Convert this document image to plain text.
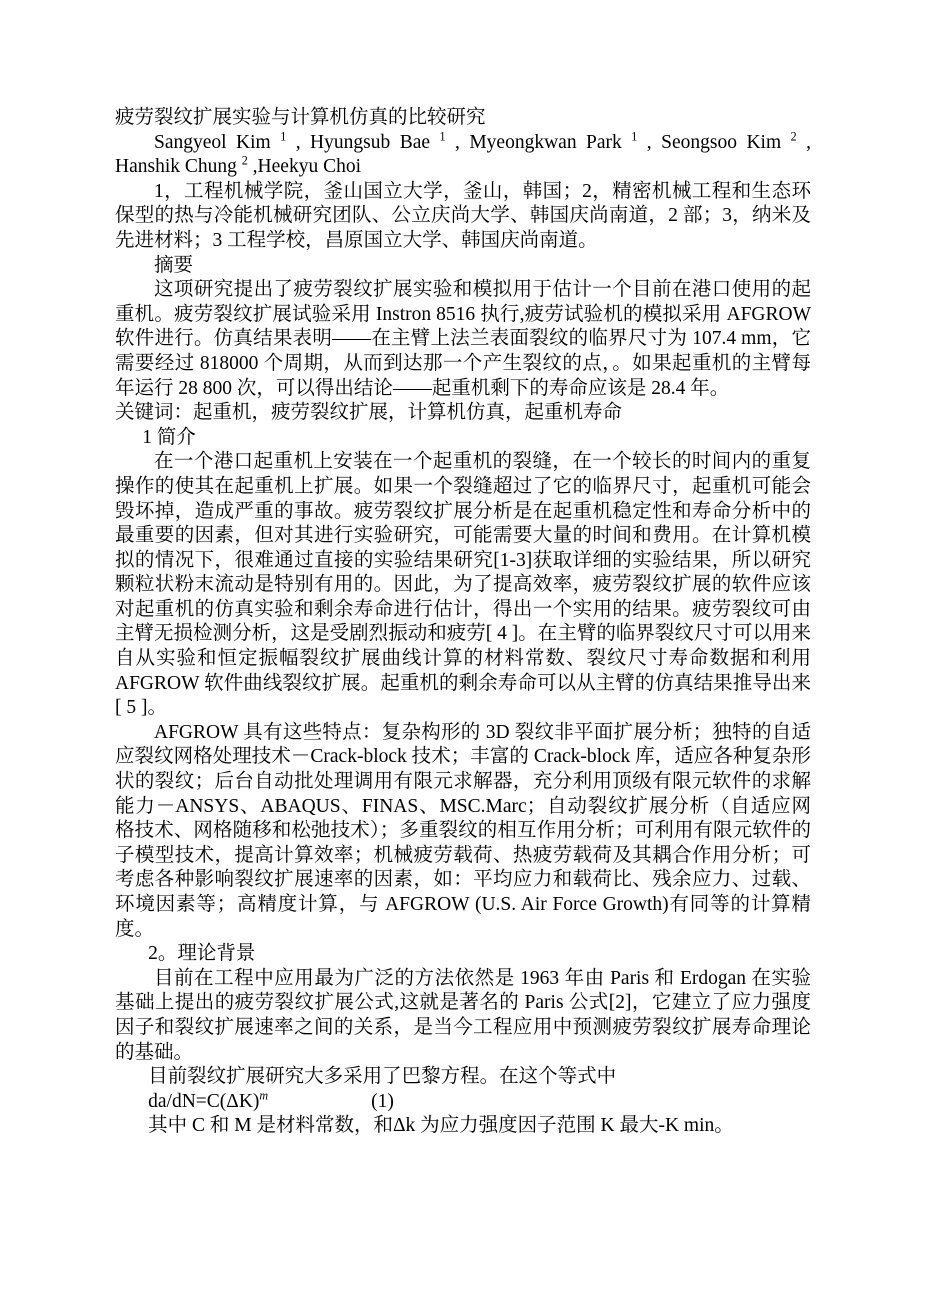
疲劳裂纹扩展实验与计算机仿真的比较研究

Sangyeol Kim $^1$ , Hyungsub Bae $^1$ , Myeongkwan Park $^1$ , Seongsoo Kim $^2$ , Hanshik Chung $^2$ ,Heekyu Choi

1，工程机械学院，釜山国立大学，釜山，韩国；2，精密机械工程和生态环保型的热与冷能机械研究团队、公立庆尚大学、韩国庆尚南道，2 部；3，纳米及先进材料；3 工程学校，昌原国立大学、韩国庆尚南道。

摘要

这项研究提出了疲劳裂纹扩展实验和模拟用于估计一个目前在港口使用的起重机。疲劳裂纹扩展试验采用 Instron 8516 执行,疲劳试验机的模拟采用 AFGROW 软件进行。仿真结果表明——在主臂上法兰表面裂纹的临界尺寸为 107.4 mm，它需要经过 818000 个周期，从而到达那一个产生裂纹的点，。如果起重机的主臂每年运行 28 800 次，可以得出结论——起重机剩下的寿命应该是 28.4 年。

关键词：起重机，疲劳裂纹扩展，计算机仿真，起重机寿命

1 简介

在一个港口起重机上安装在一个起重机的裂缝，在一个较长的时间内的重复操作的使其在起重机上扩展。如果一个裂缝超过了它的临界尺寸，起重机可能会毁坏掉，造成严重的事故。疲劳裂纹扩展分析是在起重机稳定性和寿命分析中的最重要的因素，但对其进行实验研究，可能需要大量的时间和费用。在计算机模拟的情况下，很难通过直接的实验结果研究[1-3]获取详细的实验结果，所以研究颗粒状粉末流动是特别有用的。因此，为了提高效率，疲劳裂纹扩展的软件应该对起重机的仿真实验和剩余寿命进行估计，得出一个实用的结果。疲劳裂纹可由主臂无损检测分析，这是受剧烈振动和疲劳[ 4 ]。在主臂的临界裂纹尺寸可以用来自从实验和恒定振幅裂纹扩展曲线计算的材料常数、裂纹尺寸寿命数据和利用AFGROW 软件曲线裂纹扩展。起重机的剩余寿命可以从主臂的仿真结果推导出来[ 5 ]。

AFGROW 具有这些特点：复杂构形的 3D 裂纹非平面扩展分析；独特的自适应裂纹网格处理技术－Crack-block 技术；丰富的 Crack-block 库，适应各种复杂形状的裂纹；后台自动批处理调用有限元求解器，充分利用顶级有限元软件的求解能力－ANSYS、ABAQUS、FINAS、MSC.Marc；自动裂纹扩展分析（自适应网格技术、网格随移和松弛技术）；多重裂纹的相互作用分析；可利用有限元软件的子模型技术，提高计算效率；机械疲劳载荷、热疲劳载荷及其耦合作用分析；可考虑各种影响裂纹扩展速率的因素，如：平均应力和载荷比、残余应力、过载、环境因素等；高精度计算，与 AFGROW (U.S. Air Force Growth)有同等的计算精度。

2。理论背景

目前在工程中应用最为广泛的方法依然是 1963 年由 Paris 和 Erdogan 在实验基础上提出的疲劳裂纹扩展公式,这就是著名的 Paris 公式[2]，它建立了应力强度因子和裂纹扩展速率之间的关系，是当今工程应用中预测疲劳裂纹扩展寿命理论的基础。

目前裂纹扩展研究大多采用了巴黎方程。在这个等式中

$da/dN=C(\Delta K)^m$	(1)

其中 C 和 M 是材料常数，和Δk 为应力强度因子范围 K 最大-K min。
